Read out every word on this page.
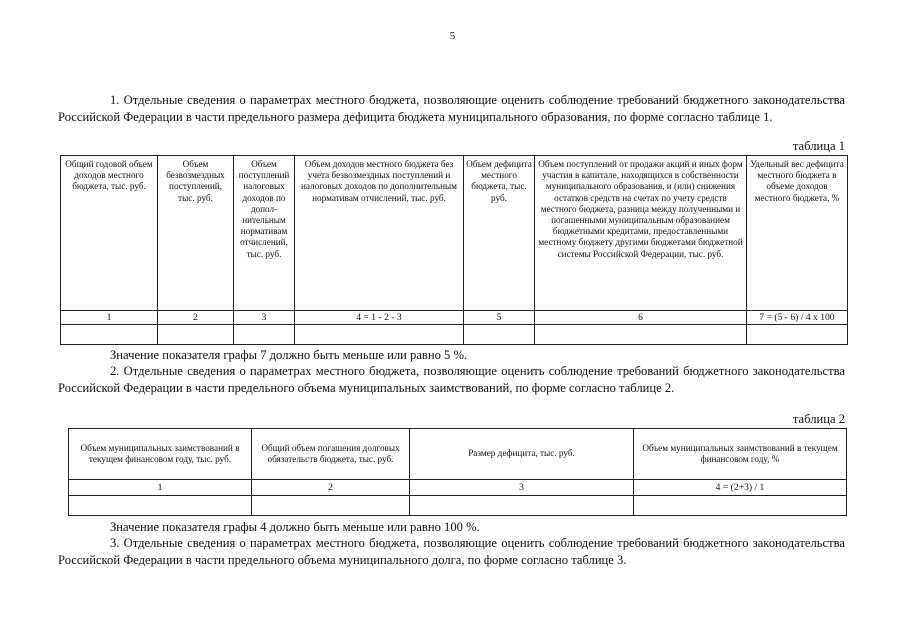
5
1. Отдельные сведения о параметрах местного бюджета, позволяющие оценить соблюдение требований бюджетного законодательства Российской Федерации в части предельного размера дефицита бюджета муниципального образования, по форме согласно таблице 1.
таблица 1
Общий годовой объем доходов местного бюджета, тыс. руб.	Объем безвозмездных поступлений, тыс. руб.	Объем поступлений налоговых доходов по допол-нительным нормативам отчислений, тыс. руб.	Объем доходов местного бюджета без учета безвозмездных поступлений и налоговых доходов по дополнительным нормативам отчислений, тыс. руб.	Объем дефицита местного бюджета, тыс. руб.	Объем поступлений от продажи акций и иных форм участия в капитале, находящихся в собственности муниципального образования, и (или) снижения остатков средств на счетах по учету средств местного бюджета, разница между полученными и погашенными муниципальным образованием бюджетными кредитами, предоставленными местному бюджету другими бюджетами бюджетной системы Российской Федерации, тыс. руб.	Удельный вес дефицита местного бюджета в объеме доходов местного бюджета, %
1	2	3	4 = 1 - 2 - 3	5	6	7 = (5 - 6) / 4 x 100

Значение показателя графы 7 должно быть меньше или равно 5 %.
2. Отдельные сведения о параметрах местного бюджета, позволяющие оценить соблюдение требований бюджетного законодательства Российской Федерации в части предельного объема муниципальных заимствований, по форме согласно таблице 2.
таблица 2
Объем муниципальных заимствований в текущем финансовом году, тыс. руб.	Общий объем погашения долговых обязательств бюджета, тыс. руб.	Размер дефицита, тыс. руб.	Объем муниципальных заимствований в текущем финансовом году, %
1	2	3	4 = (2+3) / 1

Значение показателя графы 4 должно быть меньше или равно 100 %.
3. Отдельные сведения о параметрах местного бюджета, позволяющие оценить соблюдение требований бюджетного законодательства Российской Федерации в части предельного объема муниципального долга, по форме согласно таблице 3.
